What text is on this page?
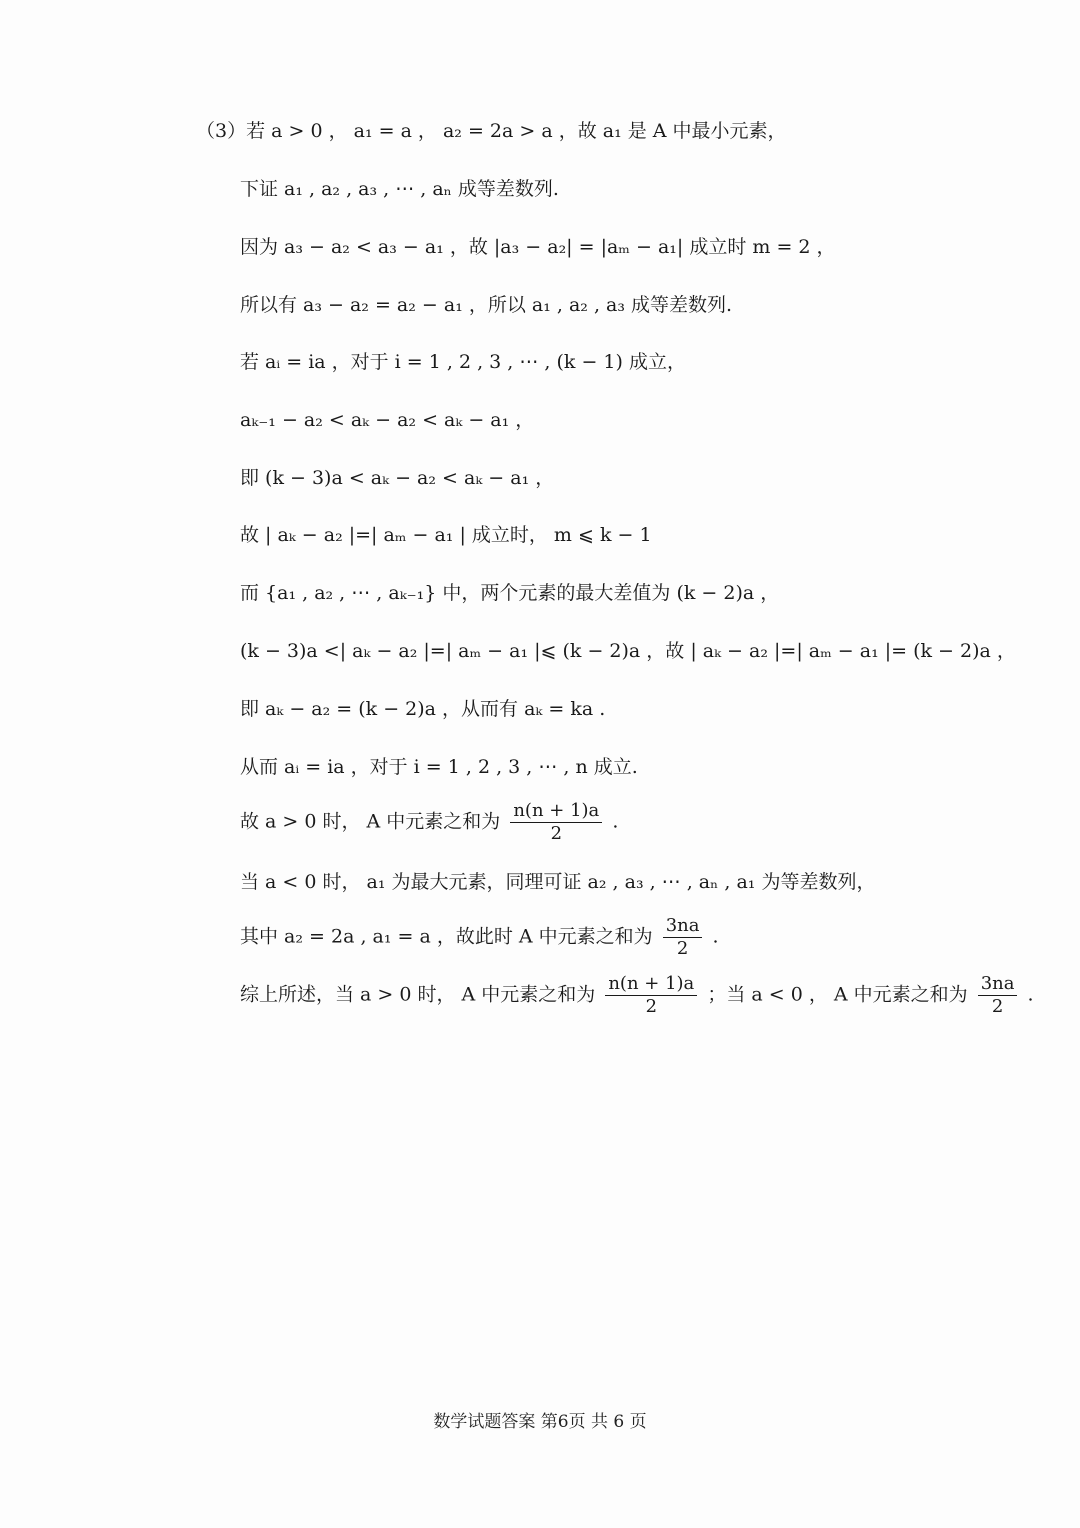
（3）若 a > 0 ， a₁ = a ， a₂ = 2a > a ，故 a₁ 是 A 中最小元素，
下证 a₁ , a₂ , a₃ , ⋯ , aₙ 成等差数列.
因为 a₃ − a₂ < a₃ − a₁ ，故 |a₃ − a₂| = |aₘ − a₁| 成立时 m = 2 ，
所以有 a₃ − a₂ = a₂ − a₁ ，所以 a₁ , a₂ , a₃ 成等差数列.
若 aᵢ = ia ，对于 i = 1 , 2 , 3 , ⋯ , (k − 1) 成立，
aₖ₋₁ − a₂ < aₖ − a₂ < aₖ − a₁ ，
即 (k − 3)a < aₖ − a₂ < aₖ − a₁ ，
故 | aₖ − a₂ |=| aₘ − a₁ | 成立时， m ⩽ k − 1
而 {a₁ , a₂ , ⋯ , aₖ₋₁} 中，两个元素的最大差值为 (k − 2)a ，
(k − 3)a <| aₖ − a₂ |=| aₘ − a₁ |⩽ (k − 2)a ，故 | aₖ − a₂ |=| aₘ − a₁ |= (k − 2)a ，
即 aₖ − a₂ = (k − 2)a ，从而有 aₖ = ka .
从而 aᵢ = ia ，对于 i = 1 , 2 , 3 , ⋯ , n 成立.
故 a > 0 时， A 中元素之和为 $\frac{n(n + 1)a}{2}$ .
当 a < 0 时， a₁ 为最大元素，同理可证 a₂ , a₃ , ⋯ , aₙ , a₁ 为等差数列，
其中 a₂ = 2a , a₁ = a ，故此时 A 中元素之和为 $\frac{3na}{2}$ .
综上所述，当 a > 0 时， A 中元素之和为 $\frac{n(n + 1)a}{2}$ ；当 a < 0 ， A 中元素之和为 $\frac{3na}{2}$ .
数学试题答案 第6页 共 6 页
